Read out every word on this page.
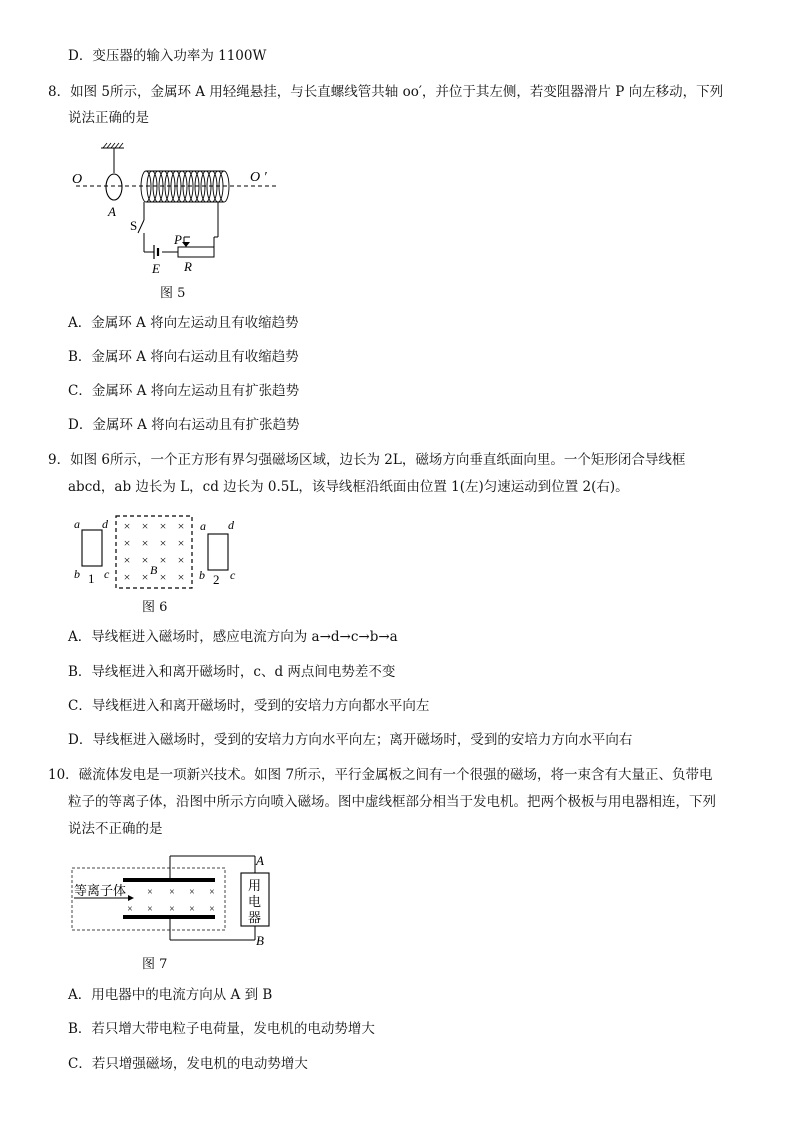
D．变压器的输入功率为 1100W
8．如图 5所示，金属环 A 用轻绳悬挂，与长直螺线管共轴 oo′，并位于其左侧，若变阻器滑片 P 向左移动，下列
说法正确的是
O	O ′
A
S
P
E R
图 5
A．金属环 A 将向左运动且有收缩趋势
B．金属环 A 将向右运动且有收缩趋势
C．金属环 A 将向左运动且有扩张趋势
D．金属环 A 将向右运动且有扩张趋势
9．如图 6所示，一个正方形有界匀强磁场区域，边长为 2L，磁场方向垂直纸面向里。一个矩形闭合导线框
abcd，ab 边长为 L，cd 边长为 0.5L，该导线框沿纸面由位置 1(左)匀速运动到位置 2(右)。
a d
b c
1
× × × ×
× × × ×
× × × ×
× × × ×
B
a d
b c
2
图 6
A．导线框进入磁场时，感应电流方向为 a→d→c→b→a
B．导线框进入和离开磁场时，c、d 两点间电势差不变
C．导线框进入和离开磁场时，受到的安培力方向都水平向左
D．导线框进入磁场时，受到的安培力方向水平向左；离开磁场时，受到的安培力方向水平向右
10．磁流体发电是一项新兴技术。如图 7所示，平行金属板之间有一个很强的磁场，将一束含有大量正、负带电
粒子的等离子体，沿图中所示方向喷入磁场。图中虚线框部分相当于发电机。把两个极板与用电器相连，下列
说法不正确的是
用
电
器
等离子体 × × × ×
× × × × ×
A
B
图 7
A．用电器中的电流方向从 A 到 B
B．若只增大带电粒子电荷量，发电机的电动势增大
C．若只增强磁场，发电机的电动势增大
